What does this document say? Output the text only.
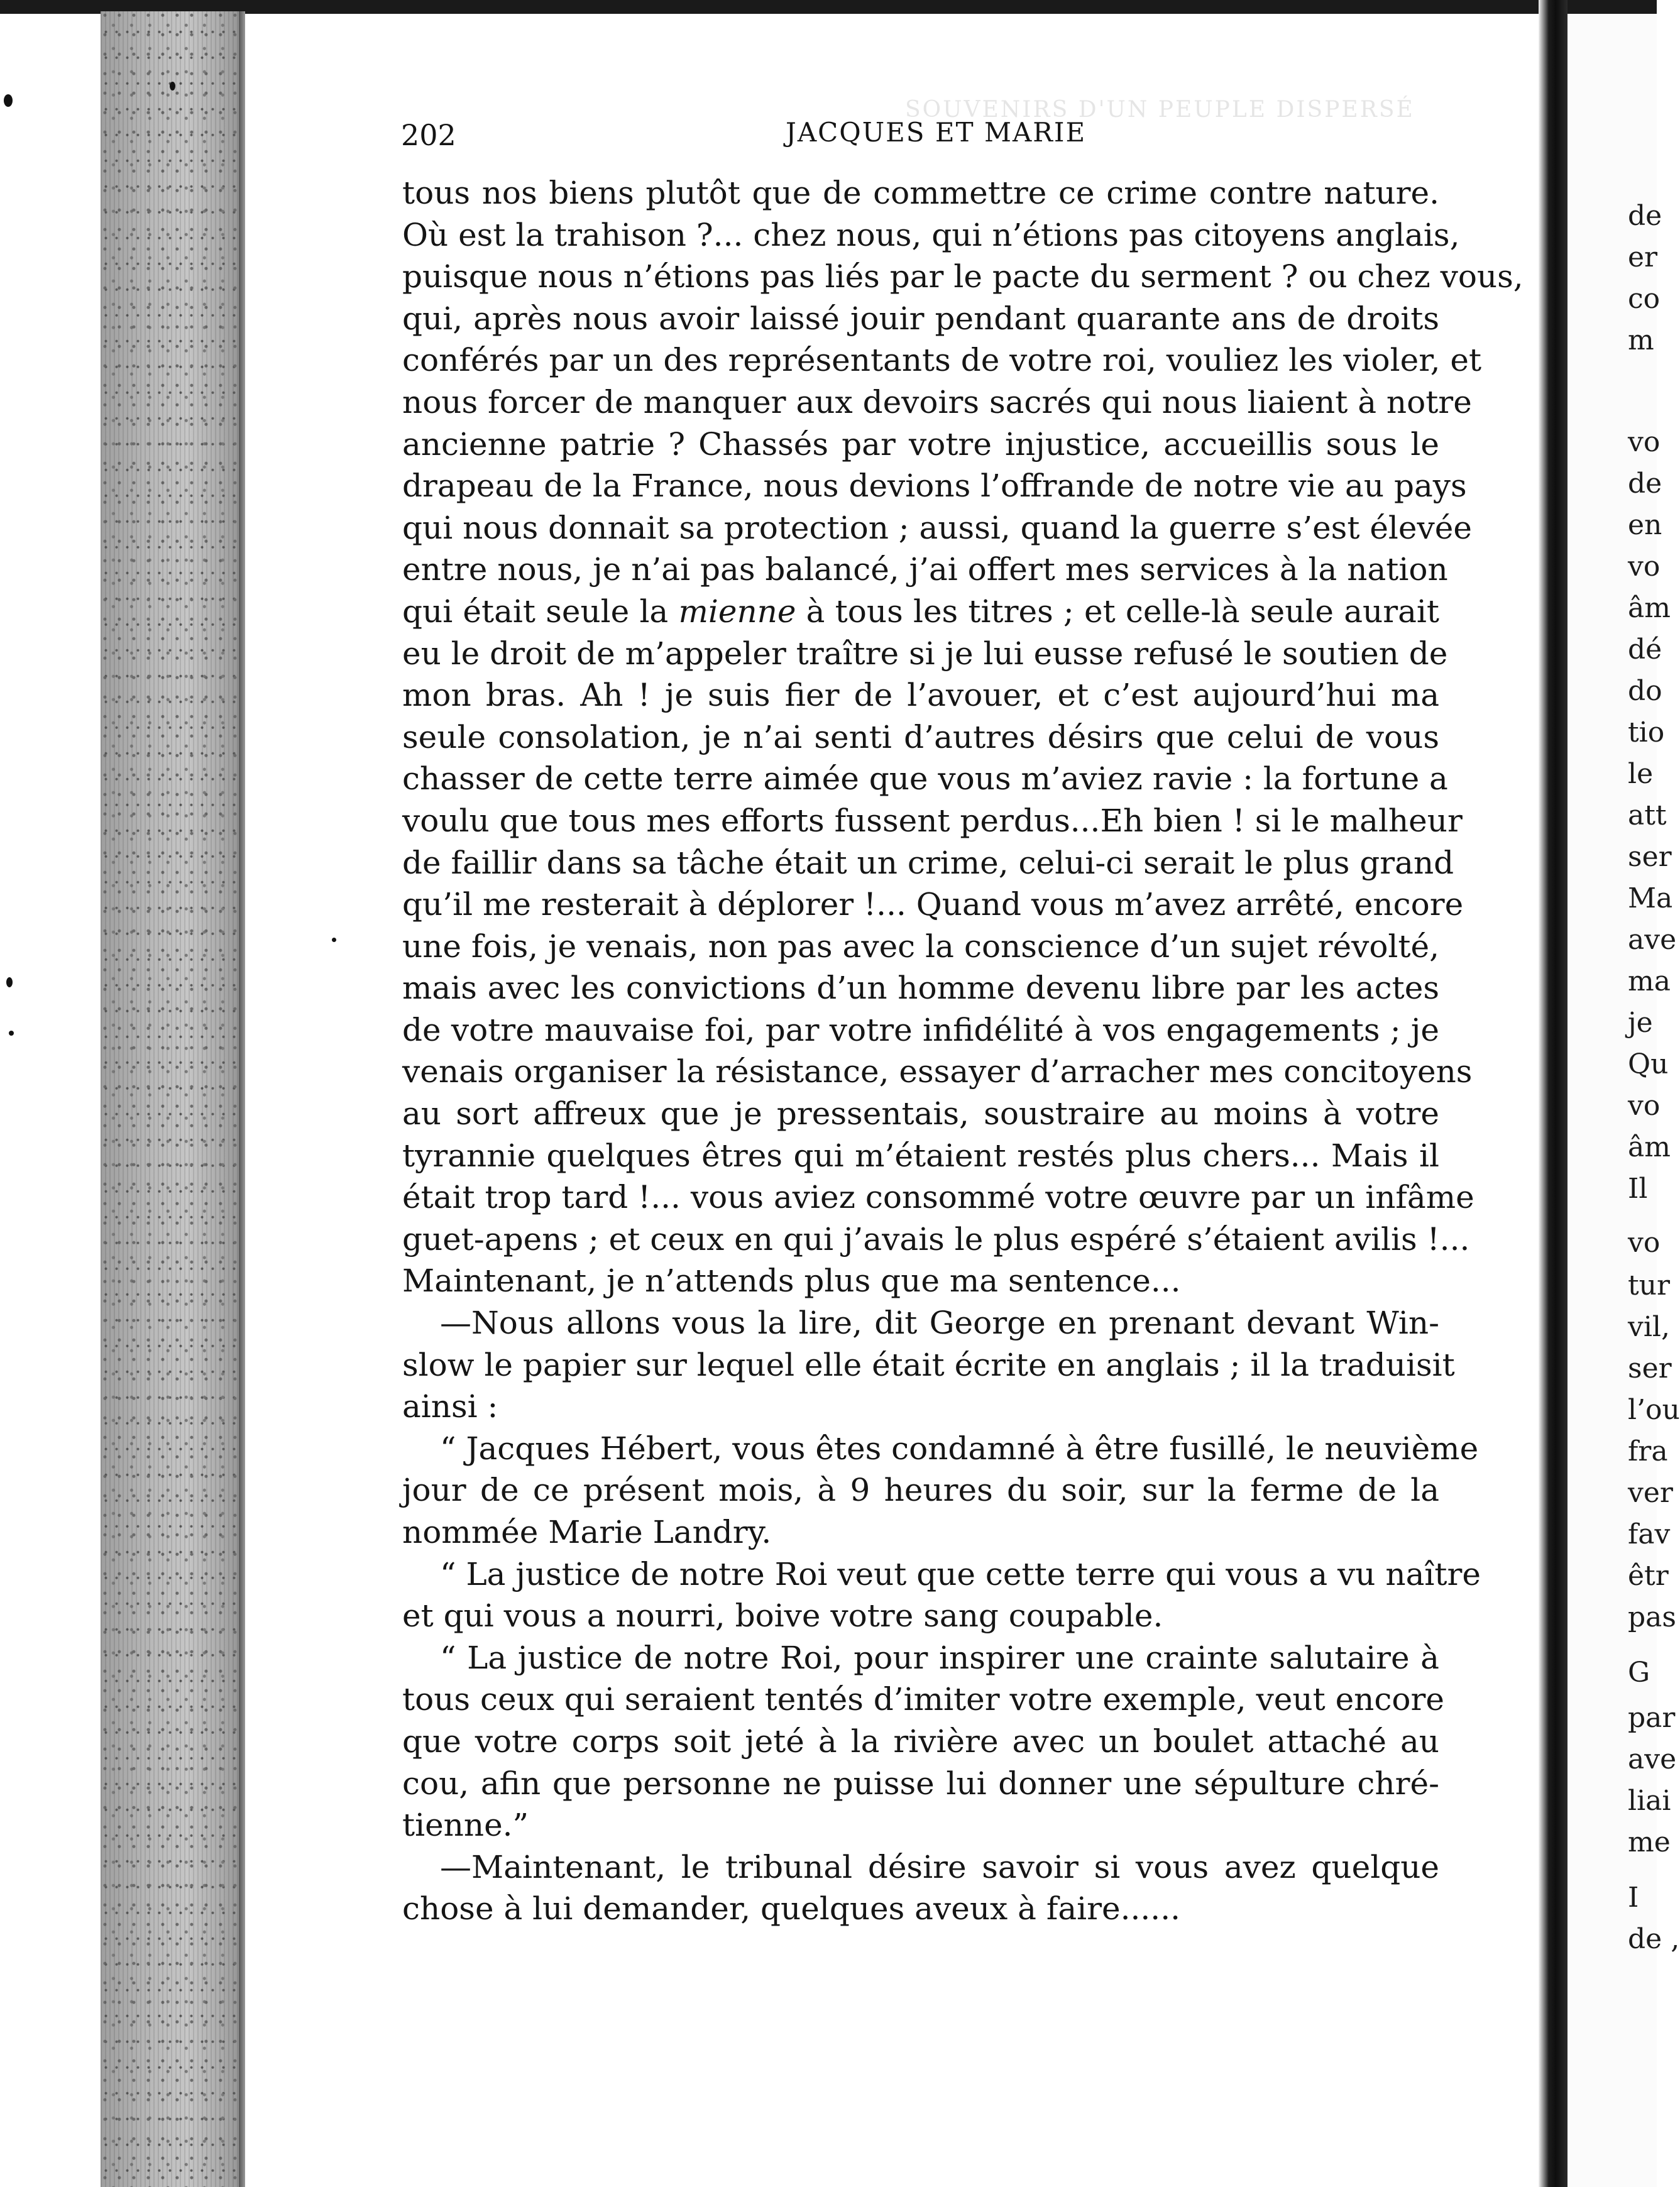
SOUVENIRS D'UN PEUPLE DISPERSÉ
202	JACQUES ET MARIE
tous nos biens plutôt que de commettre ce crime contre nature.
Où est la trahison ?... chez nous, qui n’étions pas citoyens anglais,
puisque nous n’étions pas liés par le pacte du serment ? ou chez vous,
qui, après nous avoir laissé jouir pendant quarante ans de droits
conférés par un des représentants de votre roi, vouliez les violer, et
nous forcer de manquer aux devoirs sacrés qui nous liaient à notre
ancienne patrie ? Chassés par votre injustice, accueillis sous le
drapeau de la France, nous devions l’offrande de notre vie au pays
qui nous donnait sa protection ; aussi, quand la guerre s’est élevée
entre nous, je n’ai pas balancé, j’ai offert mes services à la nation
qui était seule la mienne à tous les titres ; et celle-là seule aurait
eu le droit de m’appeler traître si je lui eusse refusé le soutien de
mon bras. Ah ! je suis fier de l’avouer, et c’est aujourd’hui ma
seule consolation, je n’ai senti d’autres désirs que celui de vous
chasser de cette terre aimée que vous m’aviez ravie : la fortune a
voulu que tous mes efforts fussent perdus...Eh bien ! si le malheur
de faillir dans sa tâche était un crime, celui-ci serait le plus grand
qu’il me resterait à déplorer !... Quand vous m’avez arrêté, encore
une fois, je venais, non pas avec la conscience d’un sujet révolté,
mais avec les convictions d’un homme devenu libre par les actes
de votre mauvaise foi, par votre infidélité à vos engagements ; je
venais organiser la résistance, essayer d’arracher mes concitoyens
au sort affreux que je pressentais, soustraire au moins à votre
tyrannie quelques êtres qui m’étaient restés plus chers... Mais il
était trop tard !... vous aviez consommé votre œuvre par un infâme
guet-apens ; et ceux en qui j’avais le plus espéré s’étaient avilis !...
Maintenant, je n’attends plus que ma sentence...
—Nous allons vous la lire, dit George en prenant devant Win-
slow le papier sur lequel elle était écrite en anglais ; il la traduisit
ainsi :
“ Jacques Hébert, vous êtes condamné à être fusillé, le neuvième
jour de ce présent mois, à 9 heures du soir, sur la ferme de la
nommée Marie Landry.
“ La justice de notre Roi veut que cette terre qui vous a vu naître
et qui vous a nourri, boive votre sang coupable.
“ La justice de notre Roi, pour inspirer une crainte salutaire à
tous ceux qui seraient tentés d’imiter votre exemple, veut encore
que votre corps soit jeté à la rivière avec un boulet attaché au
cou, afin que personne ne puisse lui donner une sépulture chré-
tienne.”
—Maintenant, le tribunal désire savoir si vous avez quelque
chose à lui demander, quelques aveux à faire......
de
er
co
m
vo
de
en
vo
âm
dé
do
tio
le
att
ser
Ma
ave
ma
je
Qu
vo
âm
Il
vo
tur
vil,
ser
l’ou
fra
ver
fav
êtr
pas
G
par
ave
liai
me
I
de ,
